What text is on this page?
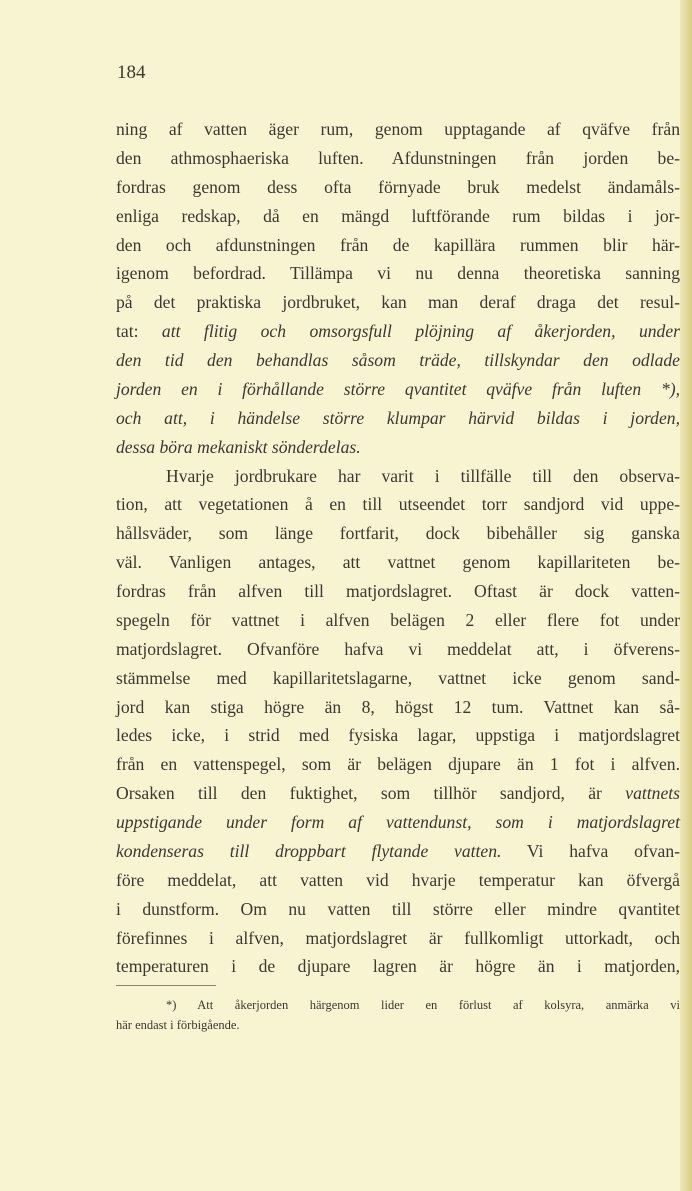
184
ning af vatten äger rum, genom upptagande af qväfve från
den athmosphaeriska luften. Afdunstningen från jorden be-
fordras genom dess ofta förnyade bruk medelst ändamåls-
enliga redskap, då en mängd luftförande rum bildas i jor-
den och afdunstningen från de kapillära rummen blir här-
igenom befordrad. Tillämpa vi nu denna theoretiska sanning
på det praktiska jordbruket, kan man deraf draga det resul-
tat: att flitig och omsorgsfull plöjning af åkerjorden, under
den tid den behandlas såsom träde, tillskyndar den odlade
jorden en i förhållande större qvantitet qväfve från luften *),
och att, i händelse större klumpar härvid bildas i jorden,
dessa böra mekaniskt sönderdelas.
Hvarje jordbrukare har varit i tillfälle till den observa-
tion, att vegetationen å en till utseendet torr sandjord vid uppe-
hållsväder, som länge fortfarit, dock bibehåller sig ganska
väl. Vanligen antages, att vattnet genom kapillariteten be-
fordras från alfven till matjordslagret. Oftast är dock vatten-
spegeln för vattnet i alfven belägen 2 eller flere fot under
matjordslagret. Ofvanföre hafva vi meddelat att, i öfverens-
stämmelse med kapillaritetslagarne, vattnet icke genom sand-
jord kan stiga högre än 8, högst 12 tum. Vattnet kan så-
ledes icke, i strid med fysiska lagar, uppstiga i matjordslagret
från en vattenspegel, som är belägen djupare än 1 fot i alfven.
Orsaken till den fuktighet, som tillhör sandjord, är vattnets
uppstigande under form af vattendunst, som i matjordslagret
kondenseras till droppbart flytande vatten. Vi hafva ofvan-
före meddelat, att vatten vid hvarje temperatur kan öfvergå
i dunstform. Om nu vatten till större eller mindre qvantitet
förefinnes i alfven, matjordslagret är fullkomligt uttorkadt, och
temperaturen i de djupare lagren är högre än i matjorden,
*) Att åkerjorden härgenom lider en förlust af kolsyra, anmärka vi
här endast i förbigående.
